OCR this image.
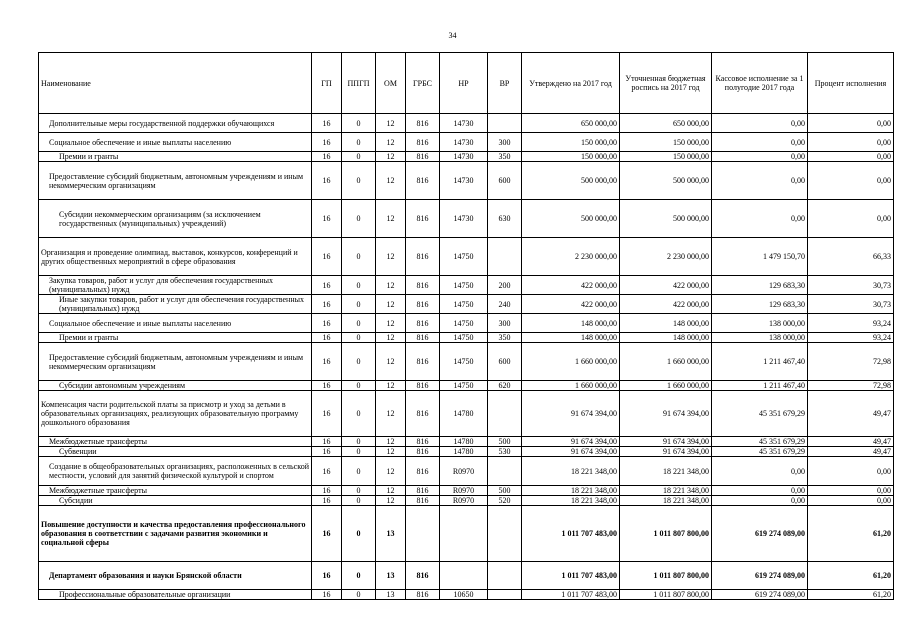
34
Наименование	ГП	ППГП	ОМ	ГРБС	НР	ВР	Утверждено на 2017 год	Уточненная бюджетная роспись на 2017 год	Кассовое исполнение за 1 полугодие 2017 года	Процент исполнения
Дополнительные меры государственной поддержки обучающихся	16	0	12	816	14730		650 000,00	650 000,00	0,00	0,00
Социальное обеспечение и иные выплаты населению	16	0	12	816	14730	300	150 000,00	150 000,00	0,00	0,00
Премии и гранты	16	0	12	816	14730	350	150 000,00	150 000,00	0,00	0,00
Предоставление субсидий бюджетным, автономным учреждениям и иным некоммерческим организациям	16	0	12	816	14730	600	500 000,00	500 000,00	0,00	0,00
Субсидии некоммерческим организациям (за исключением государственных (муниципальных) учреждений)	16	0	12	816	14730	630	500 000,00	500 000,00	0,00	0,00
Организация и проведение олимпиад, выставок, конкурсов, конференций и других общественных мероприятий в сфере образования	16	0	12	816	14750		2 230 000,00	2 230 000,00	1 479 150,70	66,33
Закупка товаров, работ и услуг для обеспечения государственных (муниципальных) нужд	16	0	12	816	14750	200	422 000,00	422 000,00	129 683,30	30,73
Иные закупки товаров, работ и услуг для обеспечения государственных (муниципальных) нужд	16	0	12	816	14750	240	422 000,00	422 000,00	129 683,30	30,73
Социальное обеспечение и иные выплаты населению	16	0	12	816	14750	300	148 000,00	148 000,00	138 000,00	93,24
Премии и гранты	16	0	12	816	14750	350	148 000,00	148 000,00	138 000,00	93,24
Предоставление субсидий бюджетным, автономным учреждениям и иным некоммерческим организациям	16	0	12	816	14750	600	1 660 000,00	1 660 000,00	1 211 467,40	72,98
Субсидии автономным учреждениям	16	0	12	816	14750	620	1 660 000,00	1 660 000,00	1 211 467,40	72,98
Компенсация части родительской платы за присмотр и уход за детьми в образовательных организациях, реализующих образовательную программу дошкольного образования	16	0	12	816	14780		91 674 394,00	91 674 394,00	45 351 679,29	49,47
Межбюджетные трансферты	16	0	12	816	14780	500	91 674 394,00	91 674 394,00	45 351 679,29	49,47
Субвенции	16	0	12	816	14780	530	91 674 394,00	91 674 394,00	45 351 679,29	49,47
Создание в общеобразовательных организациях, расположенных в сельской местности, условий для занятий физической культурой и спортом	16	0	12	816	R0970		18 221 348,00	18 221 348,00	0,00	0,00
Межбюджетные трансферты	16	0	12	816	R0970	500	18 221 348,00	18 221 348,00	0,00	0,00
Субсидии	16	0	12	816	R0970	520	18 221 348,00	18 221 348,00	0,00	0,00
Повышение доступности и качества предоставления профессионального образования в соответствии с задачами развития экономики и социальной сферы	16	0	13				1 011 707 483,00	1 011 807 800,00	619 274 089,00	61,20
Департамент образования и науки Брянской области	16	0	13	816			1 011 707 483,00	1 011 807 800,00	619 274 089,00	61,20
Профессиональные образовательные организации	16	0	13	816	10650		1 011 707 483,00	1 011 807 800,00	619 274 089,00	61,20
